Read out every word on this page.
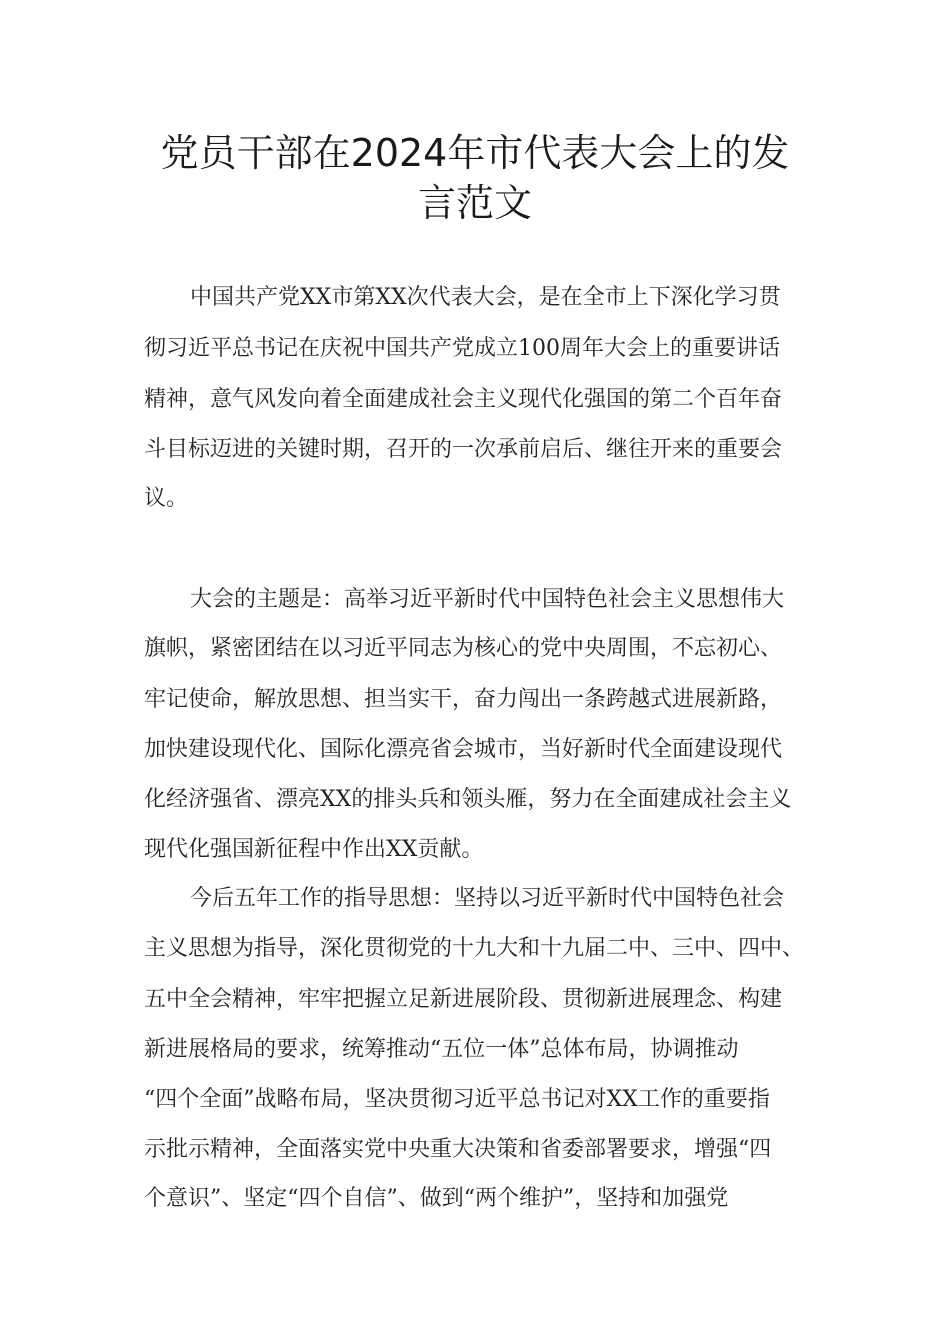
党员干部在2024年市代表大会上的发
言范文
中国共产党XX市第XX次代表大会，是在全市上下深化学习贯
彻习近平总书记在庆祝中国共产党成立100周年大会上的重要讲话
精神，意气风发向着全面建成社会主义现代化强国的第二个百年奋
斗目标迈进的关键时期，召开的一次承前启后、继往开来的重要会
议。
大会的主题是：高举习近平新时代中国特色社会主义思想伟大
旗帜，紧密团结在以习近平同志为核心的党中央周围，不忘初心、
牢记使命，解放思想、担当实干，奋力闯出一条跨越式进展新路，
加快建设现代化、国际化漂亮省会城市，当好新时代全面建设现代
化经济强省、漂亮XX的排头兵和领头雁，努力在全面建成社会主义
现代化强国新征程中作出XX贡献。
今后五年工作的指导思想：坚持以习近平新时代中国特色社会
主义思想为指导，深化贯彻党的十九大和十九届二中、三中、四中、
五中全会精神，牢牢把握立足新进展阶段、贯彻新进展理念、构建
新进展格局的要求，统筹推动“五位一体”总体布局，协调推动
“四个全面”战略布局，坚决贯彻习近平总书记对XX工作的重要指
示批示精神，全面落实党中央重大决策和省委部署要求，增强“四
个意识”、坚定“四个自信”、做到“两个维护”，坚持和加强党
